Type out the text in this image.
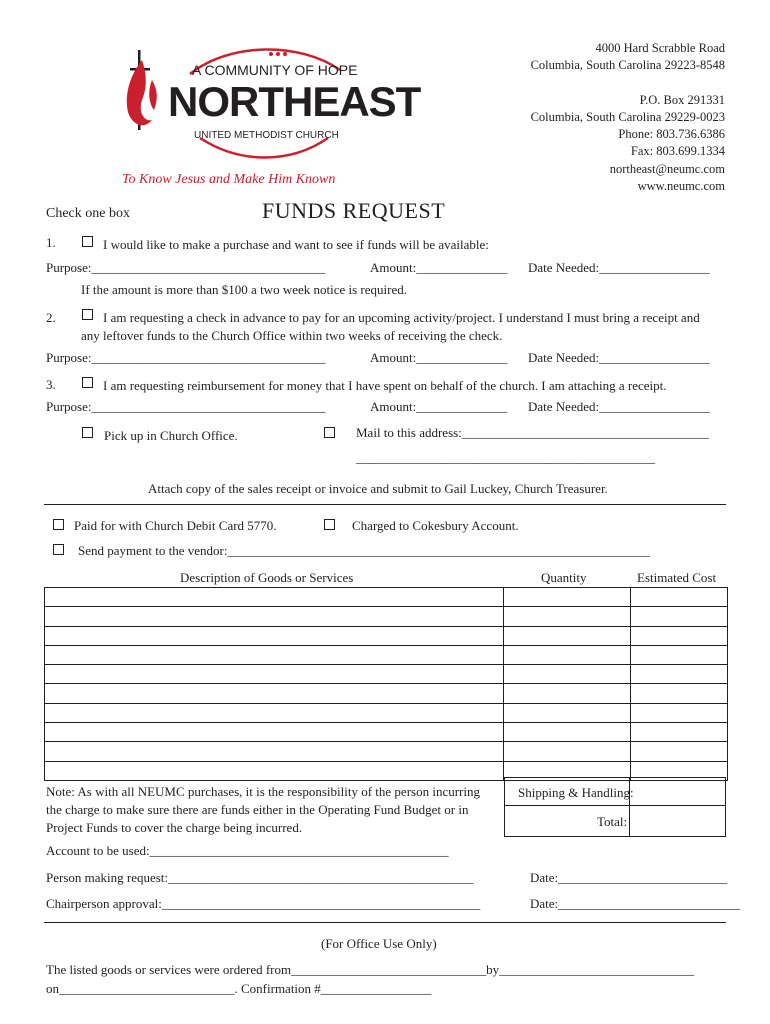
A COMMUNITY OF HOPE
NORTHEAST
UNITED METHODIST CHURCH
To Know Jesus and Make Him Known
4000 Hard Scrabble Road
Columbia, South Carolina 29223-8548
P.O. Box 291331
Columbia, South Carolina 29229-0023
Phone: 803.736.6386
Fax: 803.699.1334
northeast@neumc.com
www.neumc.com
Check one box	FUNDS REQUEST
1.	I would like to make a purchase and want to see if funds will be available:
Purpose:____________________________________	Amount:______________ Date Needed:_________________
If the amount is more than $100 a two week notice is required.
2.	I am requesting a check in advance to pay for an upcoming activity/project. I understand I must bring a receipt and
any leftover funds to the Church Office within two weeks of receiving the check.
Purpose:____________________________________	Amount:______________ Date Needed:_________________
3.	I am requesting reimbursement for money that I have spent on behalf of the church. I am attaching a receipt.
Purpose:____________________________________	Amount:______________ Date Needed:_________________
Pick up in Church Office.	Mail to this address:______________________________________
______________________________________________
Attach copy of the sales receipt or invoice and submit to Gail Luckey, Church Treasurer.
Paid for with Church Debit Card 5770.	Charged to Cokesbury Account.
Send payment to the vendor:_________________________________________________________________
Description of Goods or Services	Quantity	Estimated Cost

Note: As with all NEUMC purchases, it is the responsibility of the person incurring
the charge to make sure there are funds either in the Operating Fund Budget or in
Project Funds to cover the charge being incurred.
Shipping & Handling:
Total:
Account to be used:______________________________________________
Person making request:_______________________________________________	Date:__________________________
Chairperson approval:_________________________________________________	Date:____________________________
(For Office Use Only)
The listed goods or services were ordered from______________________________by______________________________
on___________________________. Confirmation #_________________
